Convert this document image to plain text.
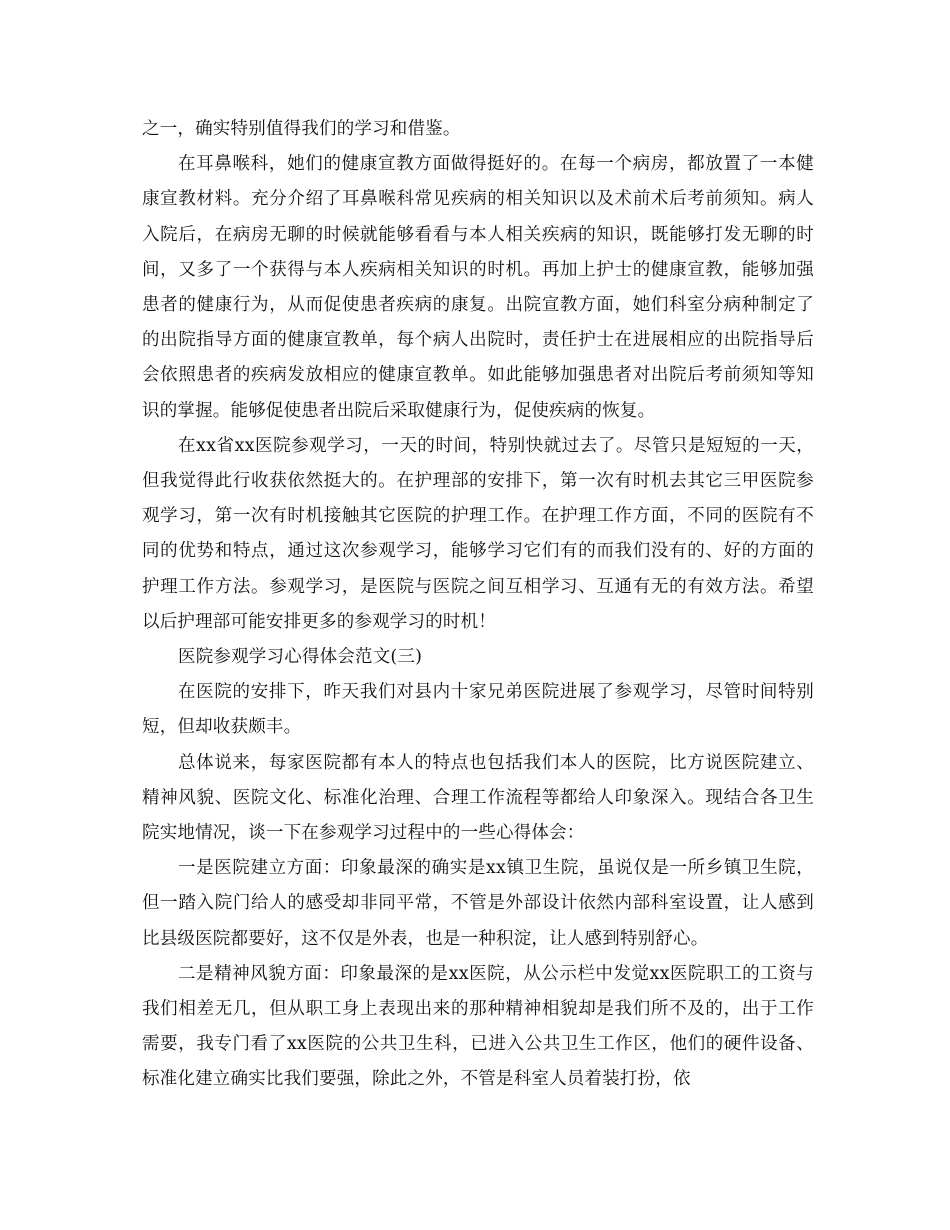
之一，确实特别值得我们的学习和借鉴。

在耳鼻喉科，她们的健康宣教方面做得挺好的。在每一个病房，都放置了一本健康宣教材料。充分介绍了耳鼻喉科常见疾病的相关知识以及术前术后考前须知。病人入院后，在病房无聊的时候就能够看看与本人相关疾病的知识，既能够打发无聊的时间，又多了一个获得与本人疾病相关知识的时机。再加上护士的健康宣教，能够加强患者的健康行为，从而促使患者疾病的康复。出院宣教方面，她们科室分病种制定了的出院指导方面的健康宣教单，每个病人出院时，责任护士在进展相应的出院指导后会依照患者的疾病发放相应的健康宣教单。如此能够加强患者对出院后考前须知等知识的掌握。能够促使患者出院后采取健康行为，促使疾病的恢复。

在xx省xx医院参观学习，一天的时间，特别快就过去了。尽管只是短短的一天，但我觉得此行收获依然挺大的。在护理部的安排下，第一次有时机去其它三甲医院参观学习，第一次有时机接触其它医院的护理工作。在护理工作方面，不同的医院有不同的优势和特点，通过这次参观学习，能够学习它们有的而我们没有的、好的方面的护理工作方法。参观学习，是医院与医院之间互相学习、互通有无的有效方法。希望以后护理部可能安排更多的参观学习的时机！

医院参观学习心得体会范文(三)

在医院的安排下，昨天我们对县内十家兄弟医院进展了参观学习，尽管时间特别短，但却收获颇丰。

总体说来，每家医院都有本人的特点也包括我们本人的医院，比方说医院建立、精神风貌、医院文化、标准化治理、合理工作流程等都给人印象深入。现结合各卫生院实地情况，谈一下在参观学习过程中的一些心得体会：

一是医院建立方面：印象最深的确实是xx镇卫生院，虽说仅是一所乡镇卫生院，但一踏入院门给人的感受却非同平常，不管是外部设计依然内部科室设置，让人感到比县级医院都要好，这不仅是外表，也是一种积淀，让人感到特别舒心。

二是精神风貌方面：印象最深的是xx医院，从公示栏中发觉xx医院职工的工资与我们相差无几，但从职工身上表现出来的那种精神相貌却是我们所不及的，出于工作需要，我专门看了xx医院的公共卫生科，已进入公共卫生工作区，他们的硬件设备、标准化建立确实比我们要强，除此之外，不管是科室人员着装打扮，依
